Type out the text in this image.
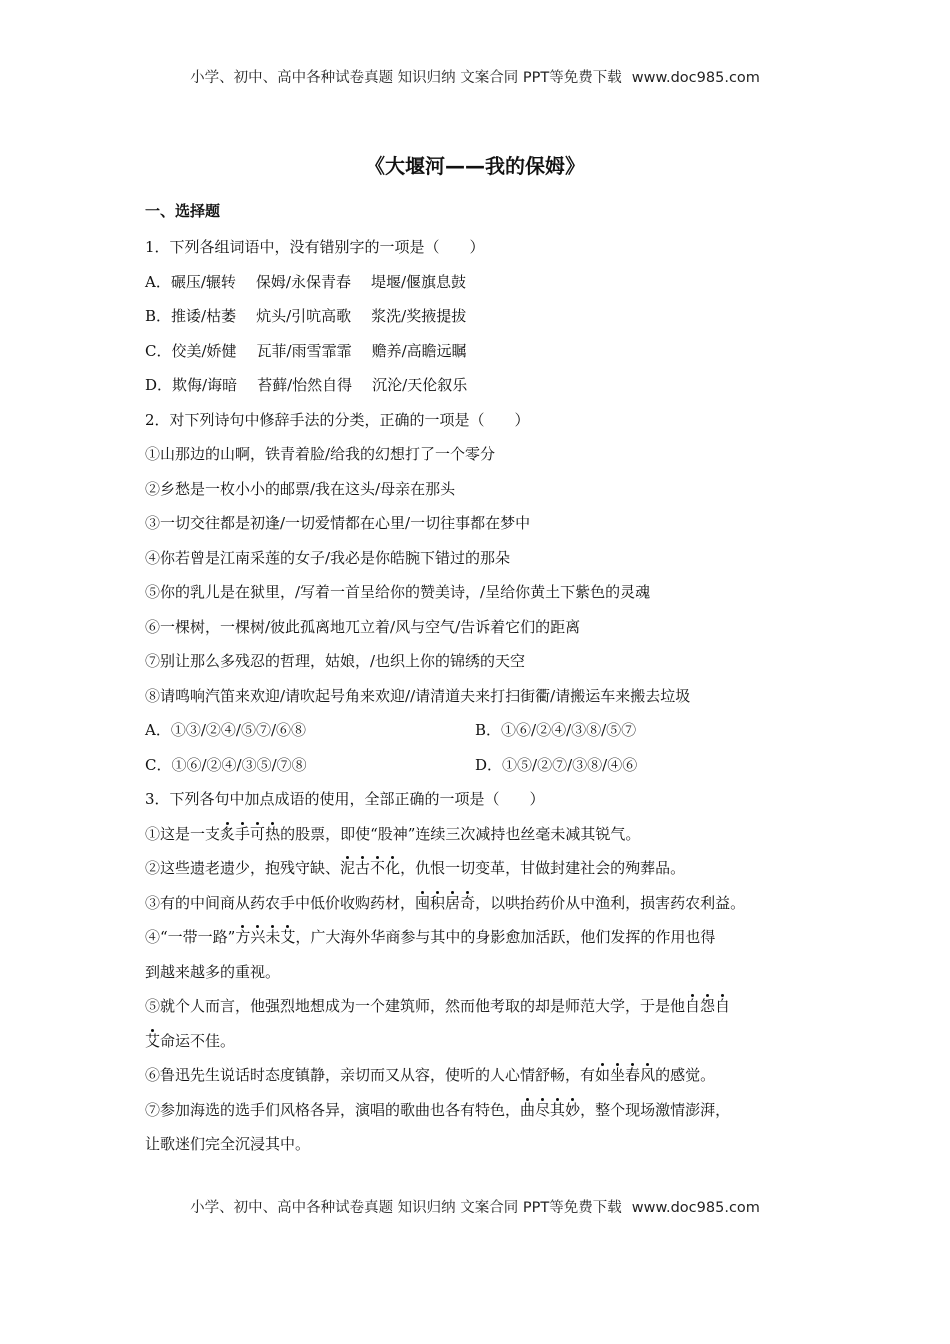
小学、初中、高中各种试卷真题 知识归纳 文案合同 PPT等免费下载 www.doc985.com
《大堰河——我的保姆》
一、选择题
1．下列各组词语中，没有错别字的一项是（　　）
A．碾压/辗转 保姆/永保青春 堤堰/偃旗息鼓
B．推诿/枯萎 炕头/引吭高歌 浆洗/奖掖提拔
C．佼美/娇健 瓦菲/雨雪霏霏 赡养/高瞻远瞩
D．欺侮/诲暗 苔藓/怡然自得 沉沦/天伦叙乐
2．对下列诗句中修辞手法的分类，正确的一项是（　　）
①山那边的山啊，铁青着脸/给我的幻想打了一个零分
②乡愁是一枚小小的邮票/我在这头/母亲在那头
③一切交往都是初逢/一切爱情都在心里/一切往事都在梦中
④你若曾是江南采莲的女子/我必是你皓腕下错过的那朵
⑤你的乳儿是在狱里，/写着一首呈给你的赞美诗，/呈给你黄土下紫色的灵魂
⑥一棵树，一棵树/彼此孤离地兀立着/风与空气/告诉着它们的距离
⑦别让那么多残忍的哲理，姑娘，/也织上你的锦绣的天空
⑧请鸣响汽笛来欢迎/请吹起号角来欢迎//请清道夫来打扫街衢/请搬运车来搬去垃圾
A．①③/②④/⑤⑦/⑥⑧	B．①⑥/②④/③⑧/⑤⑦
C．①⑥/②④/③⑤/⑦⑧	D．①⑤/②⑦/③⑧/④⑥
3．下列各句中加点成语的使用，全部正确的一项是（　　）
①这是一支炙手可热的股票，即使“股神”连续三次减持也丝毫未减其锐气。
②这些遗老遗少，抱残守缺、泥古不化，仇恨一切变革，甘做封建社会的殉葬品。
③有的中间商从药农手中低价收购药材，囤积居奇，以哄抬药价从中渔利，损害药农利益。
④“一带一路”方兴未艾，广大海外华商参与其中的身影愈加活跃，他们发挥的作用也得
到越来越多的重视。
⑤就个人而言，他强烈地想成为一个建筑师，然而他考取的却是师范大学，于是他自怨自
艾命运不佳。
⑥鲁迅先生说话时态度镇静，亲切而又从容，使听的人心情舒畅，有如坐春风的感觉。
⑦参加海选的选手们风格各异，演唱的歌曲也各有特色，曲尽其妙，整个现场激情澎湃，
让歌迷们完全沉浸其中。
小学、初中、高中各种试卷真题 知识归纳 文案合同 PPT等免费下载 www.doc985.com
